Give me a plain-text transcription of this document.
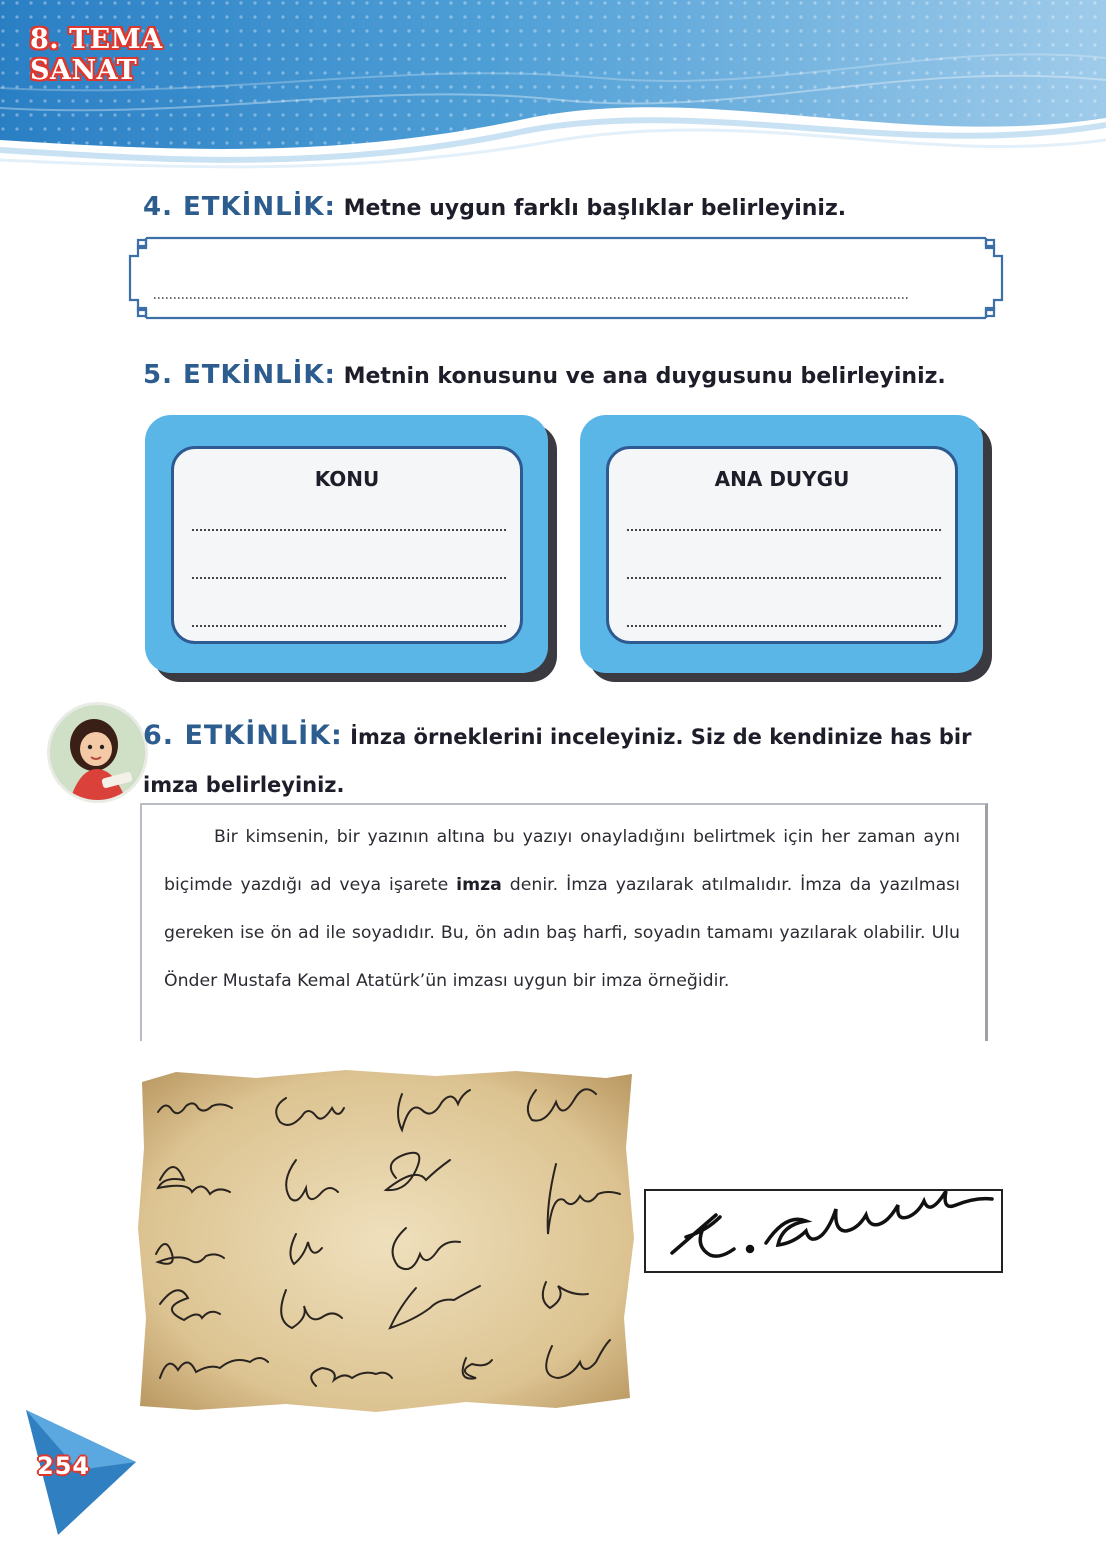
8. TEMA
SANAT
4. ETKİNLİK: Metne uygun farklı başlıklar belirleyiniz.
5. ETKİNLİK: Metnin konusunu ve ana duygusunu belirleyiniz.
KONU	ANA DUYGU
6. ETKİNLİK: İmza örneklerini inceleyiniz. Siz de kendinize has bir imza belirleyiniz.
Bir kimsenin, bir yazının altına bu yazıyı onayladığını belirtmek için her zaman aynı biçimde yazdığı ad veya işarete imza denir. İmza yazılarak atılmalıdır. İmza da yazılması gereken ise ön ad ile soyadıdır. Bu, ön adın baş harfi, soyadın tamamı yazılarak olabilir. Ulu Önder Mustafa Kemal Atatürk’ün imzası uygun bir imza örneğidir.
254
